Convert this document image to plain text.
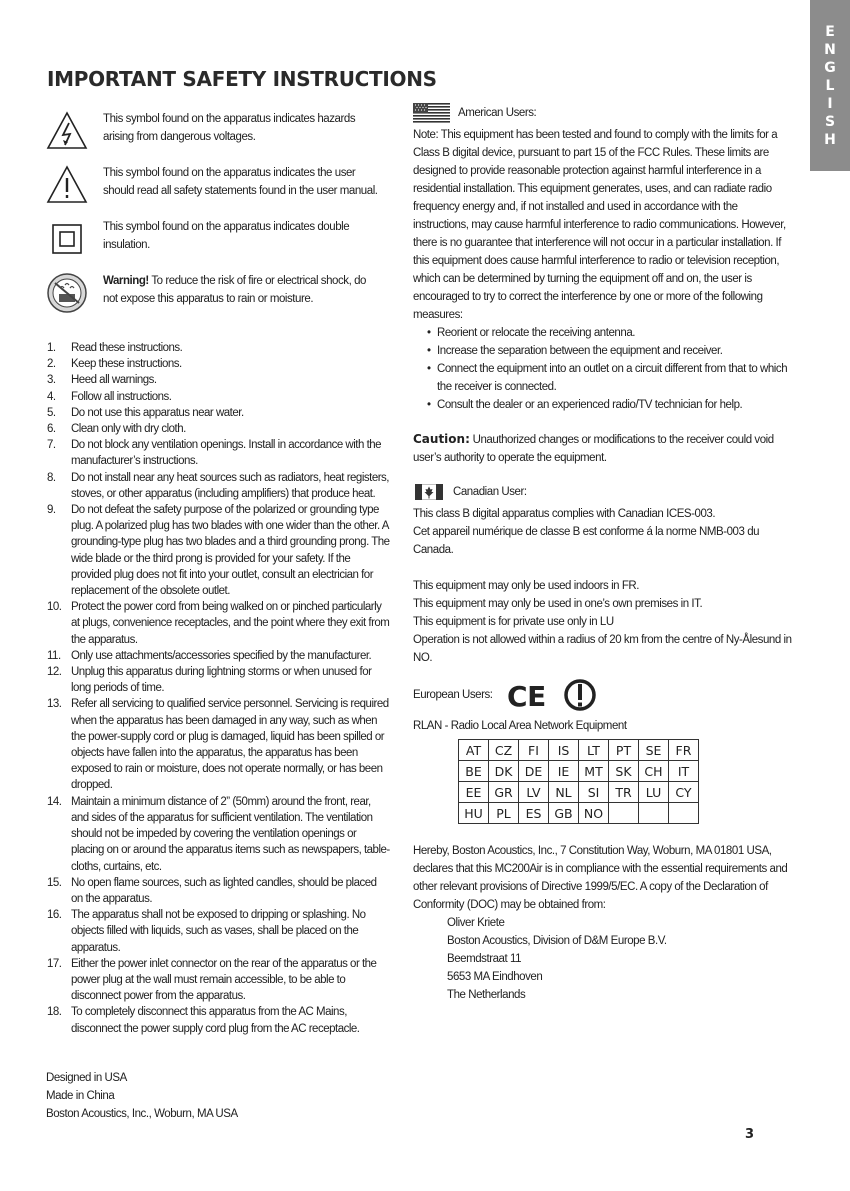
E
N
G
L
I
S
H
IMPORTANT SAFETY INSTRUCTIONS
This symbol found on the apparatus indicates hazards arising from dangerous voltages.
This symbol found on the apparatus indicates the user should read all safety statements found in the user manual.
This symbol found on the apparatus indicates double insulation.
Warning! To reduce the risk of fire or electrical shock, do not expose this apparatus to rain or moisture.
1. Read these instructions.
2. Keep these instructions.
3. Heed all warnings.
4. Follow all instructions.
5. Do not use this apparatus near water.
6. Clean only with dry cloth.
7. Do not block any ventilation openings. Install in accordance with the manufacturer’s instructions.
8. Do not install near any heat sources such as radiators, heat registers, stoves, or other apparatus (including amplifiers) that produce heat.
9. Do not defeat the safety purpose of the polarized or grounding type plug. A polarized plug has two blades with one wider than the other. A grounding-type plug has two blades and a third grounding prong. The wide blade or the third prong is provided for your safety. If the provided plug does not fit into your outlet, consult an electrician for replacement of the obsolete outlet.
10. Protect the power cord from being walked on or pinched particularly at plugs, convenience receptacles, and the point where they exit from the apparatus.
11. Only use attachments/accessories specified by the manufacturer.
12. Unplug this apparatus during lightning storms or when unused for long periods of time.
13. Refer all servicing to qualified service personnel. Servicing is required when the apparatus has been damaged in any way, such as when the power-supply cord or plug is damaged, liquid has been spilled or objects have fallen into the apparatus, the apparatus has been exposed to rain or moisture, does not operate normally, or has been dropped.
14. Maintain a minimum distance of 2” (50mm) around the front, rear, and sides of the apparatus for sufficient ventilation. The ventilation should not be impeded by covering the ventilation openings or placing on or around the apparatus items such as newspapers, table-cloths, curtains, etc.
15. No open flame sources, such as lighted candles, should be placed on the apparatus.
16. The apparatus shall not be exposed to dripping or splashing. No objects filled with liquids, such as vases, shall be placed on the apparatus.
17. Either the power inlet connector on the rear of the apparatus or the power plug at the wall must remain accessible, to be able to disconnect power from the apparatus.
18. To completely disconnect this apparatus from the AC Mains, disconnect the power supply cord plug from the AC receptacle.
American Users:

Note: This equipment has been tested and found to comply with the limits for a Class B digital device, pursuant to part 15 of the FCC Rules. These limits are designed to provide reasonable protection against harmful interference in a residential installation. This equipment generates, uses, and can radiate radio frequency energy and, if not installed and used in accordance with the instructions, may cause harmful interference to radio communications. However, there is no guarantee that interference will not occur in a particular installation. If this equipment does cause harmful interference to radio or television reception, which can be determined by turning the equipment off and on, the user is encouraged to try to correct the interference by one or more of the following measures:

• Reorient or relocate the receiving antenna.
• Increase the separation between the equipment and receiver.
• Connect the equipment into an outlet on a circuit different from that to which the receiver is connected.
• Consult the dealer or an experienced radio/TV technician for help.

Caution: Unauthorized changes or modifications to the receiver could void user’s authority to operate the equipment.

Canadian User:

This class B digital apparatus complies with Canadian ICES-003.

Cet appareil numérique de classe B est conforme á la norme NMB-003 du Canada.

This equipment may only be used indoors in FR.

This equipment may only be used in one’s own premises in IT.

This equipment is for private use only in LU

Operation is not allowed within a radius of 20 km from the centre of Ny-Ålesund in NO.

European Users: CE

RLAN - Radio Local Area Network Equipment

AT	CZ	FI	IS	LT	PT	SE	FR
BE	DK	DE	IE	MT	SK	CH	IT
EE	GR	LV	NL	SI	TR	LU	CY
HU	PL	ES	GB	NO			

Hereby, Boston Acoustics, Inc., 7 Constitution Way, Woburn, MA 01801 USA, declares that this MC200Air is in compliance with the essential requirements and other relevant provisions of Directive 1999/5/EC. A copy of the Declaration of Conformity (DOC) may be obtained from:

Oliver Kriete
Boston Acoustics, Division of D&M Europe B.V.
Beemdstraat 11
5653 MA Eindhoven
The Netherlands
Designed in USA
Made in China
Boston Acoustics, Inc., Woburn, MA USA
3
